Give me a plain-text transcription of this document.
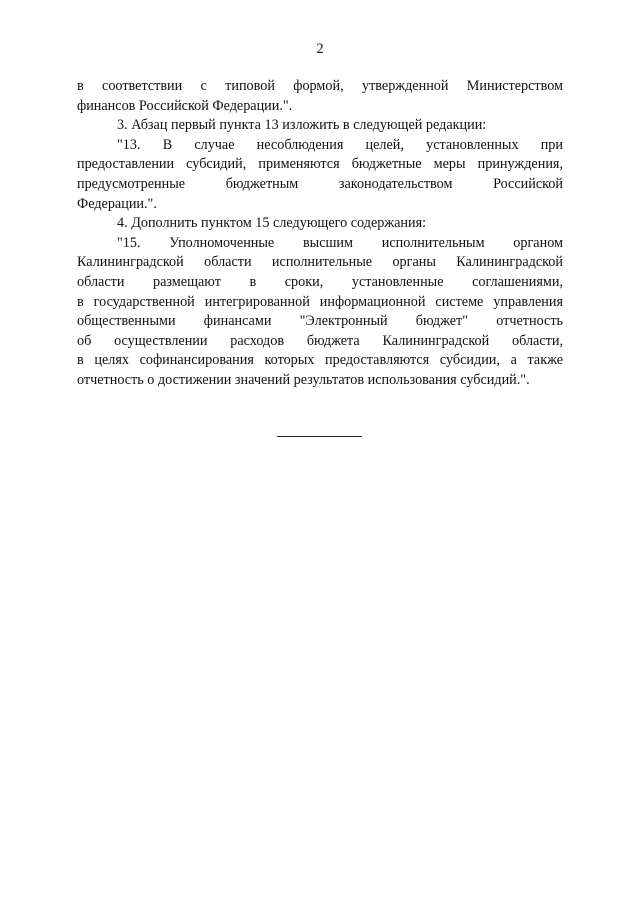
2
в соответствии с типовой формой, утвержденной Министерством
финансов Российской Федерации.".
3. Абзац первый пункта 13 изложить в следующей редакции:
"13. В случае несоблюдения целей, установленных при
предоставлении субсидий, применяются бюджетные меры принуждения,
предусмотренные бюджетным законодательством Российской
Федерации.".
4. Дополнить пунктом 15 следующего содержания:
"15. Уполномоченные высшим исполнительным органом
Калининградской области исполнительные органы Калининградской
области размещают в сроки, установленные соглашениями,
в государственной интегрированной информационной системе управления
общественными финансами "Электронный бюджет" отчетность
об осуществлении расходов бюджета Калининградской области,
в целях софинансирования которых предоставляются субсидии, а также
отчетность о достижении значений результатов использования субсидий.".
